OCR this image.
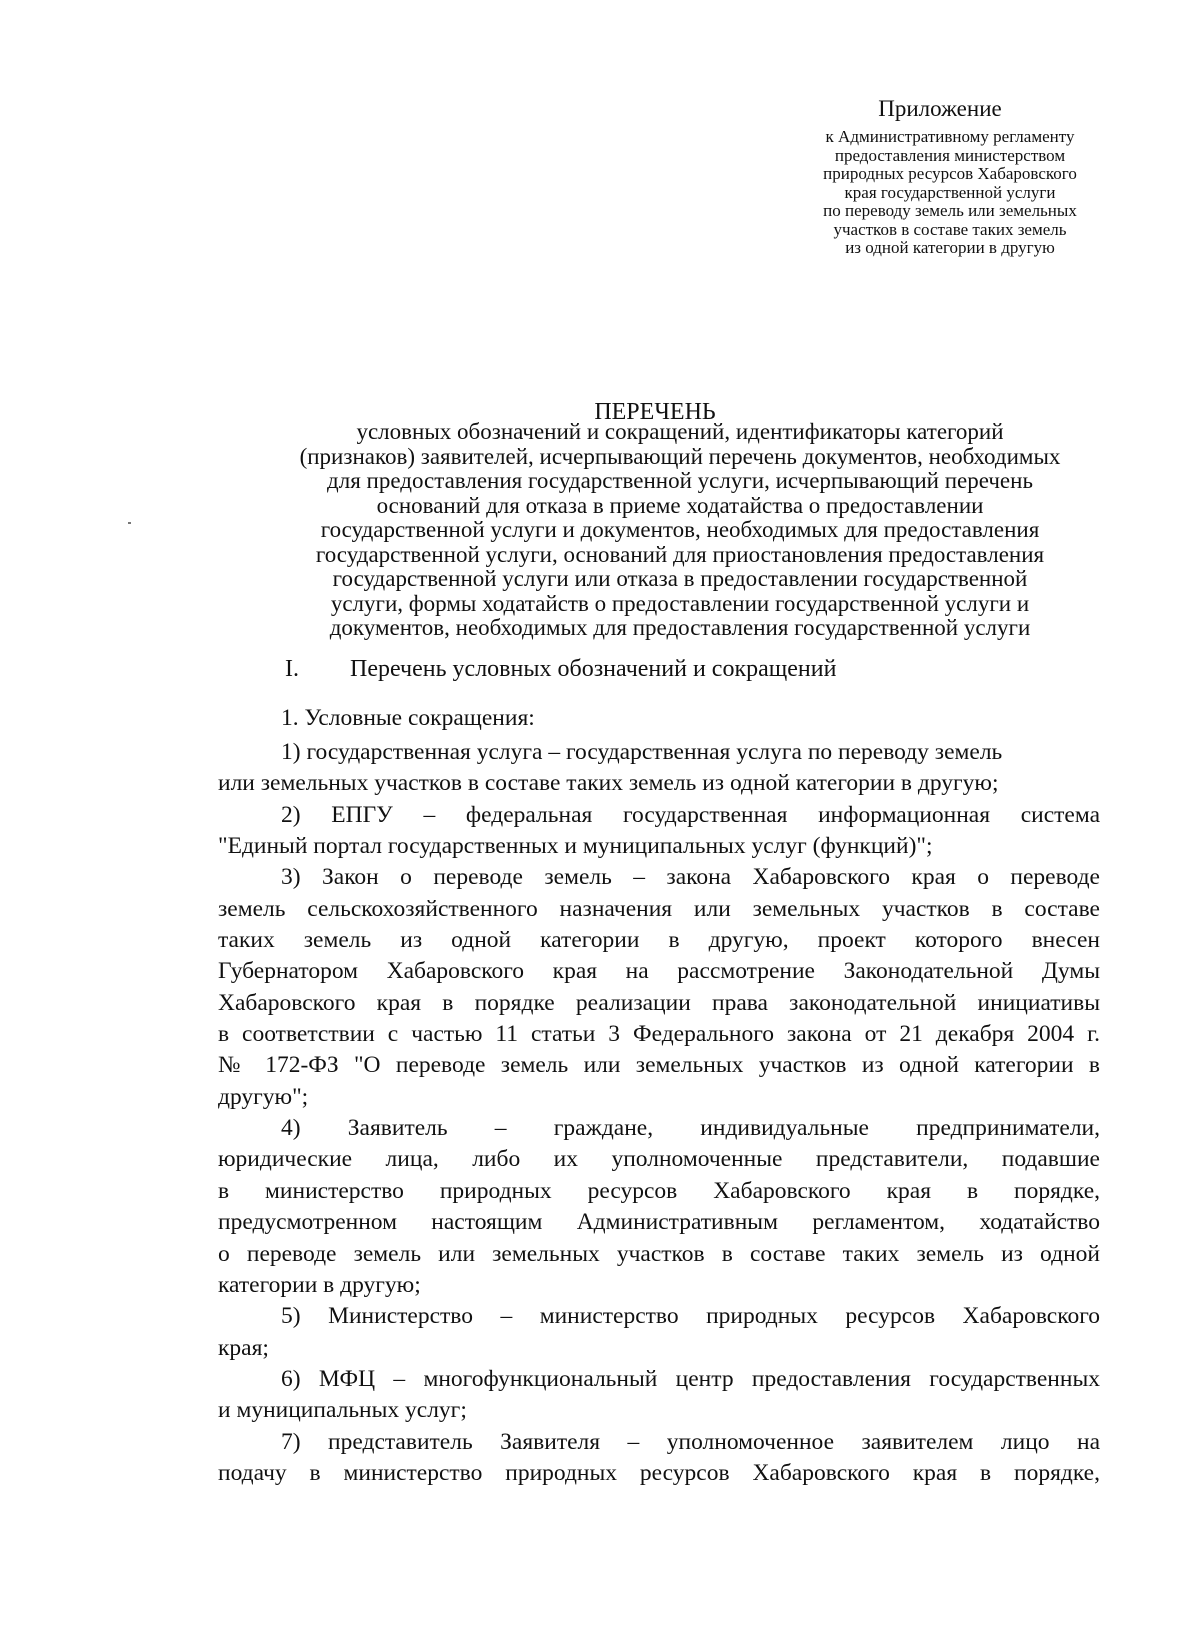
Приложение
к Административному регламенту
предоставления министерством
природных ресурсов Хабаровского
края государственной услуги
по переводу земель или земельных
участков в составе таких земель
из одной категории в другую
ПЕРЕЧЕНЬ
условных обозначений и сокращений, идентификаторы категорий
(признаков) заявителей, исчерпывающий перечень документов, необходимых
для предоставления государственной услуги, исчерпывающий перечень
оснований для отказа в приеме ходатайства о предоставлении
государственной услуги и документов, необходимых для предоставления
государственной услуги, оснований для приостановления предоставления
государственной услуги или отказа в предоставлении государственной
услуги, формы ходатайств о предоставлении государственной услуги и
документов, необходимых для предоставления государственной услуги
I. Перечень условных обозначений и сокращений
1. Условные сокращения:
1) государственная услуга – государственная услуга по переводу земель
или земельных участков в составе таких земель из одной категории в другую;
2) ЕПГУ – федеральная государственная информационная система
"Единый портал государственных и муниципальных услуг (функций)";
3) Закон о переводе земель – закона Хабаровского края о переводе
земель сельскохозяйственного назначения или земельных участков в составе
таких земель из одной категории в другую, проект которого внесен
Губернатором Хабаровского края на рассмотрение Законодательной Думы
Хабаровского края в порядке реализации права законодательной инициативы
в соответствии с частью 11 статьи 3 Федерального закона от 21 декабря 2004 г.
№ 172-ФЗ "О переводе земель или земельных участков из одной категории в
другую";
4) Заявитель – граждане, индивидуальные предприниматели,
юридические лица, либо их уполномоченные представители, подавшие
в министерство природных ресурсов Хабаровского края в порядке,
предусмотренном настоящим Административным регламентом, ходатайство
о переводе земель или земельных участков в составе таких земель из одной
категории в другую;
5) Министерство – министерство природных ресурсов Хабаровского
края;
6) МФЦ – многофункциональный центр предоставления государственных
и муниципальных услуг;
7) представитель Заявителя – уполномоченное заявителем лицо на
подачу в министерство природных ресурсов Хабаровского края в порядке,
